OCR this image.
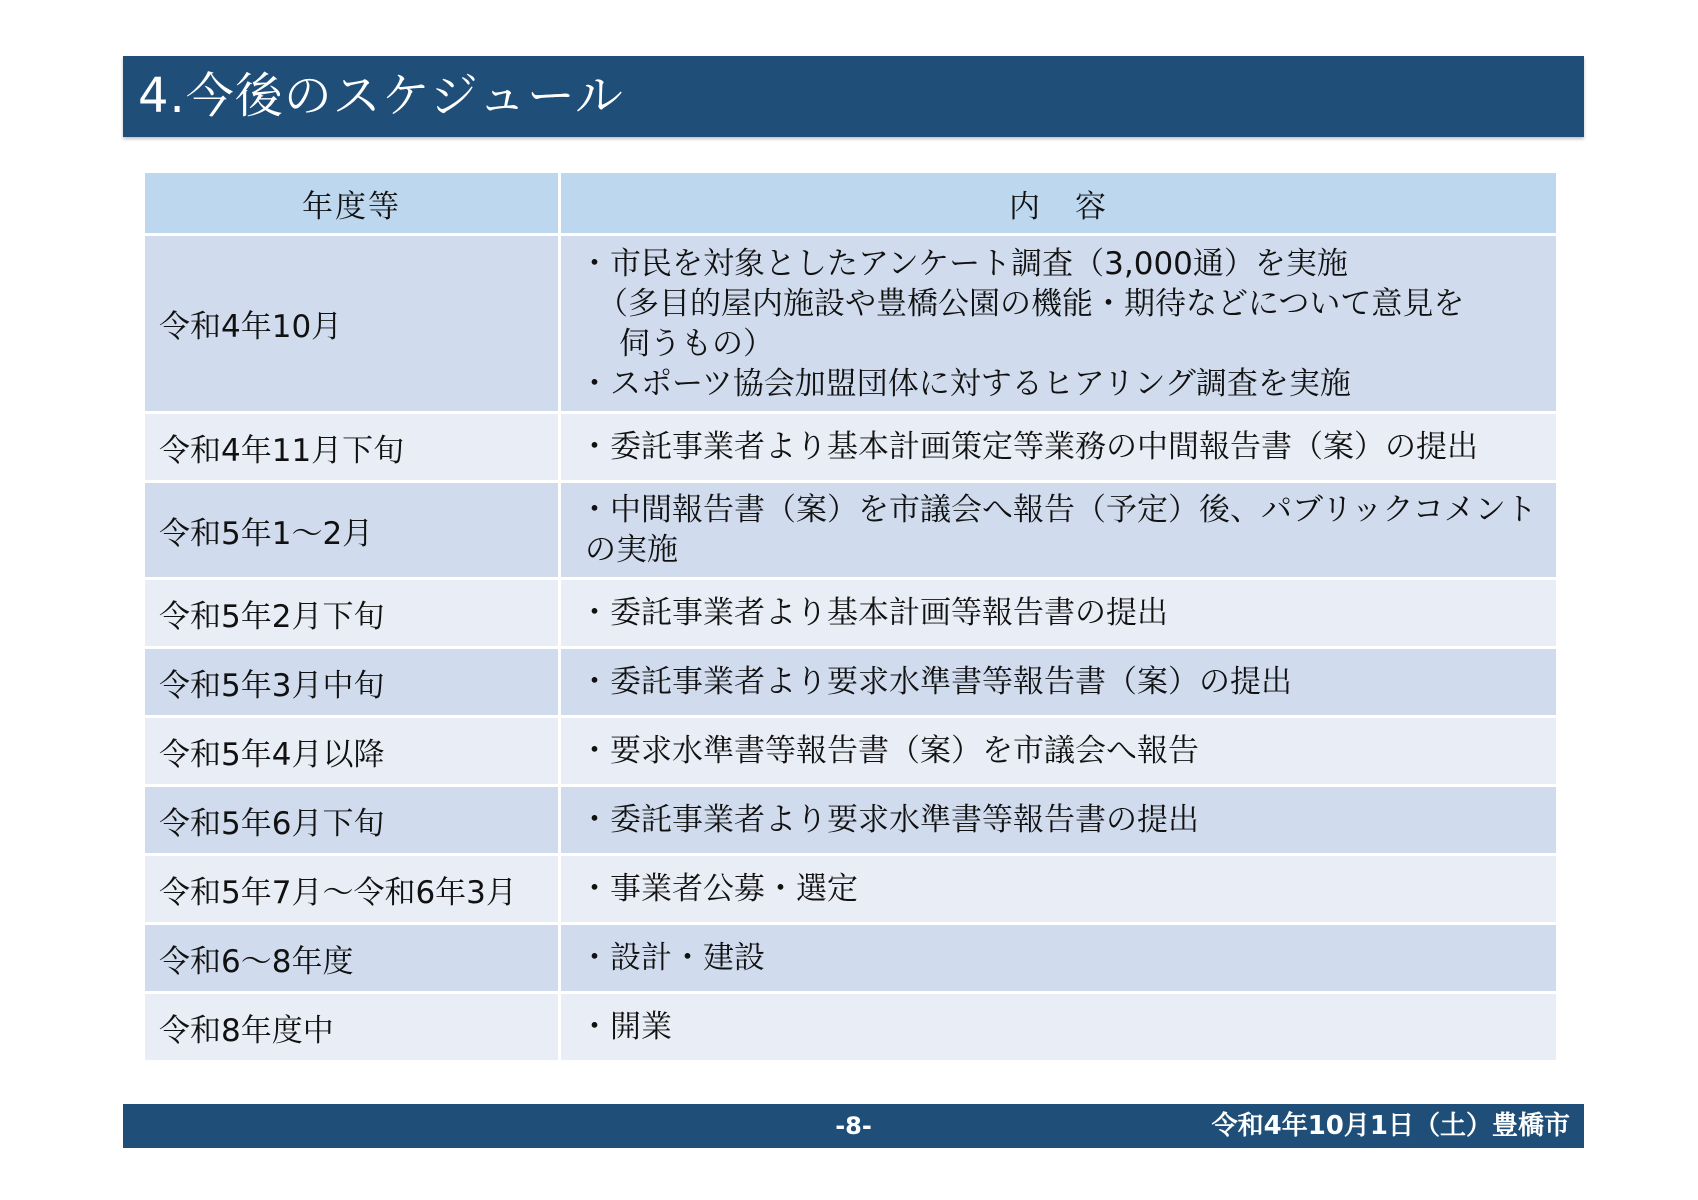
4.今後のスケジュール
年度等	内　容
令和4年10月	・市民を対象としたアンケート調査（3,000通）を実施
（多目的屋内施設や豊橋公園の機能・期待などについて意見を
伺うもの）
・スポーツ協会加盟団体に対するヒアリング調査を実施

令和4年11月下旬	・委託事業者より基本計画策定等業務の中間報告書（案）の提出

令和5年1～2月	・中間報告書（案）を市議会へ報告（予定）後、パブリックコメント
の実施

令和5年2月下旬	・委託事業者より基本計画等報告書の提出

令和5年3月中旬	・委託事業者より要求水準書等報告書（案）の提出

令和5年4月以降	・要求水準書等報告書（案）を市議会へ報告

令和5年6月下旬	・委託事業者より要求水準書等報告書の提出

令和5年7月～令和6年3月	・事業者公募・選定

令和6～8年度	・設計・建設

令和8年度中	・開業
-8-	令和4年10月1日（土）豊橋市
